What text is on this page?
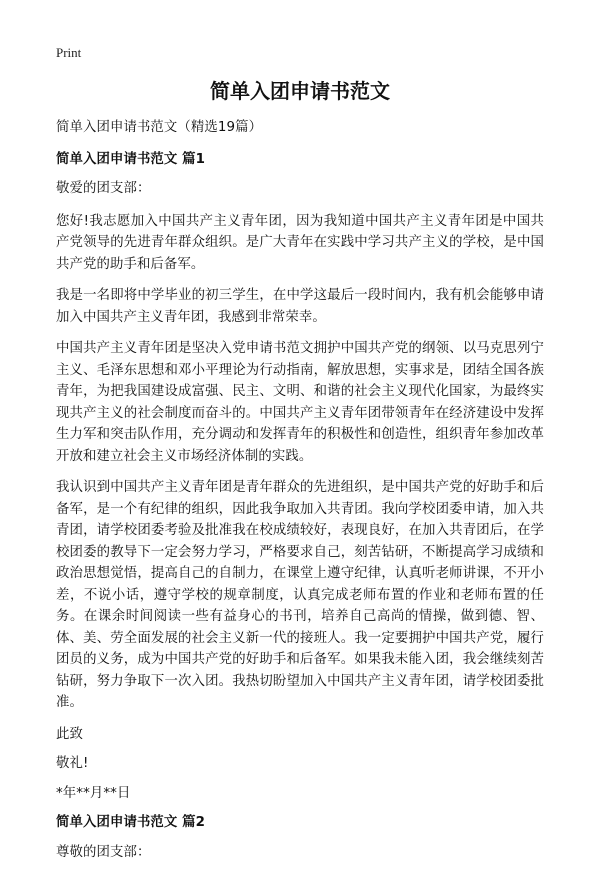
Print
简单入团申请书范文

简单入团申请书范文（精选19篇）

简单入团申请书范文 篇1

敬爱的团支部：

您好!我志愿加入中国共产主义青年团，因为我知道中国共产主义青年团是中国共产党领导的先进青年群众组织。是广大青年在实践中学习共产主义的学校，是中国共产党的助手和后备军。

我是一名即将中学毕业的初三学生，在中学这最后一段时间内，我有机会能够申请加入中国共产主义青年团，我感到非常荣幸。

中国共产主义青年团是坚决入党申请书范文拥护中国共产党的纲领、以马克思列宁主义、毛泽东思想和邓小平理论为行动指南，解放思想，实事求是，团结全国各族青年，为把我国建设成富强、民主、文明、和谐的社会主义现代化国家，为最终实现共产主义的社会制度而奋斗的。中国共产主义青年团带领青年在经济建设中发挥生力军和突击队作用，充分调动和发挥青年的积极性和创造性，组织青年参加改革开放和建立社会主义市场经济体制的实践。

我认识到中国共产主义青年团是青年群众的先进组织，是中国共产党的好助手和后备军，是一个有纪律的组织，因此我争取加入共青团。我向学校团委申请，加入共青团，请学校团委考验及批准我在校成绩较好，表现良好，在加入共青团后，在学校团委的教导下一定会努力学习，严格要求自己，刻苦钻研，不断提高学习成绩和政治思想觉悟，提高自己的自制力，在课堂上遵守纪律，认真听老师讲课，不开小差，不说小话，遵守学校的规章制度，认真完成老师布置的作业和老师布置的任务。在课余时间阅读一些有益身心的书刊，培养自己高尚的情操，做到德、智、体、美、劳全面发展的社会主义新一代的接班人。我一定要拥护中国共产党，履行团员的义务，成为中国共产党的好助手和后备军。如果我未能入团，我会继续刻苦钻研，努力争取下一次入团。我热切盼望加入中国共产主义青年团，请学校团委批准。

此致

敬礼!

*年**月**日

简单入团申请书范文 篇2

尊敬的团支部：
